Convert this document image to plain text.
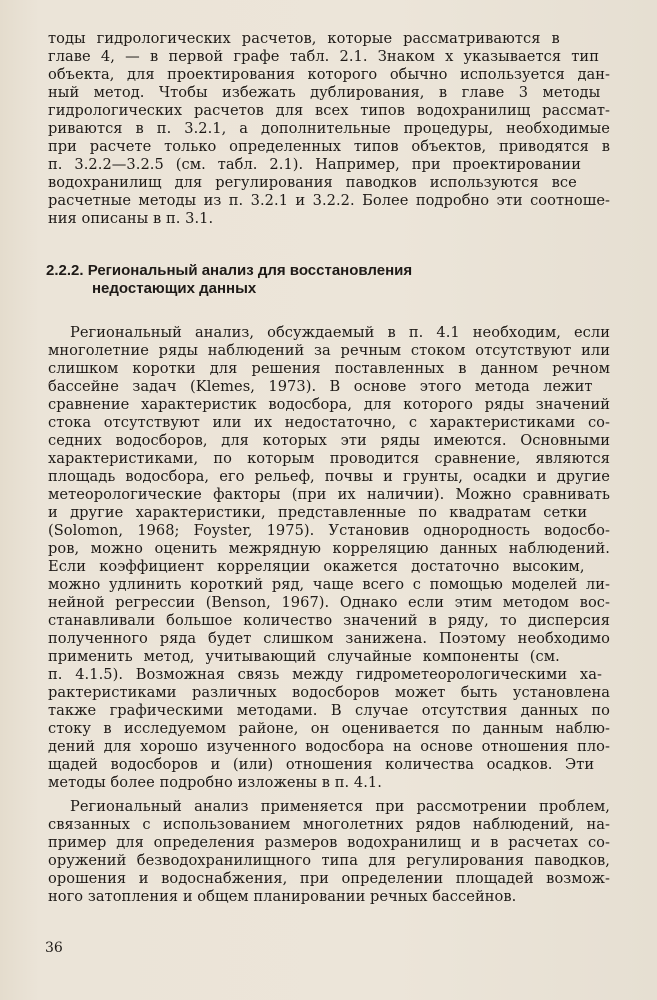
тоды гидрологических расчетов, которые рассматриваются в
главе 4, — в первой графе табл. 2.1. Знаком x указывается тип
объекта, для проектирования которого обычно используется дан-
ный метод. Чтобы избежать дублирования, в главе 3 методы
гидрологических расчетов для всех типов водохранилищ рассмат-
риваются в п. 3.2.1, а дополнительные процедуры, необходимые
при расчете только определенных типов объектов, приводятся в
п. 3.2.2—3.2.5 (см. табл. 2.1). Например, при проектировании
водохранилищ для регулирования паводков используются все
расчетные методы из п. 3.2.1 и 3.2.2. Более подробно эти соотноше-
ния описаны в п. 3.1.
2.2.2. Региональный анализ для восстановления
недостающих данных
Региональный анализ, обсуждаемый в п. 4.1 необходим, если
многолетние ряды наблюдений за речным стоком отсутствуют или
слишком коротки для решения поставленных в данном речном
бассейне задач (Klemes, 1973). В основе этого метода лежит
сравнение характеристик водосбора, для которого ряды значений
стока отсутствуют или их недостаточно, с характеристиками со-
седних водосборов, для которых эти ряды имеются. Основными
характеристиками, по которым проводится сравнение, являются
площадь водосбора, его рельеф, почвы и грунты, осадки и другие
метеорологические факторы (при их наличии). Можно сравнивать
и другие характеристики, представленные по квадратам сетки
(Solomon, 1968; Foyster, 1975). Установив однородность водосбо-
ров, можно оценить межрядную корреляцию данных наблюдений.
Если коэффициент корреляции окажется достаточно высоким,
можно удлинить короткий ряд, чаще всего с помощью моделей ли-
нейной регрессии (Benson, 1967). Однако если этим методом вос-
станавливали большое количество значений в ряду, то дисперсия
полученного ряда будет слишком занижена. Поэтому необходимо
применить метод, учитывающий случайные компоненты (см.
п. 4.1.5). Возможная связь между гидрометеорологическими ха-
рактеристиками различных водосборов может быть установлена
также графическими методами. В случае отсутствия данных по
стоку в исследуемом районе, он оценивается по данным наблю-
дений для хорошо изученного водосбора на основе отношения пло-
щадей водосборов и (или) отношения количества осадков. Эти
методы более подробно изложены в п. 4.1.
Региональный анализ применяется при рассмотрении проблем,
связанных с использованием многолетних рядов наблюдений, на-
пример для определения размеров водохранилищ и в расчетах со-
оружений безводохранилищного типа для регулирования паводков,
орошения и водоснабжения, при определении площадей возмож-
ного затопления и общем планировании речных бассейнов.
36
